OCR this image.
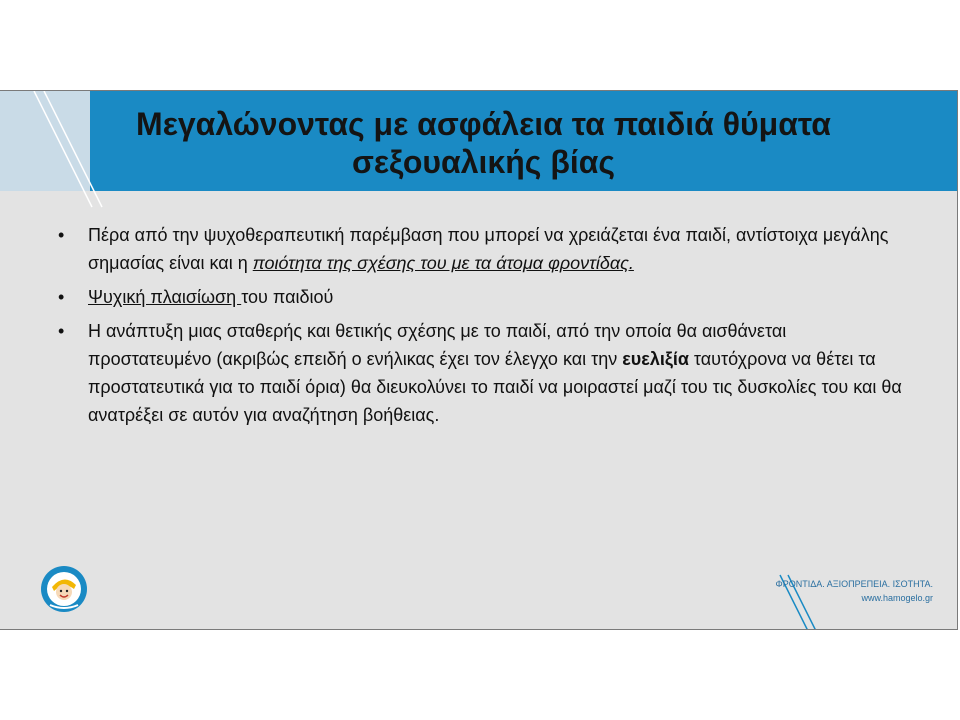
Μεγαλώνοντας με ασφάλεια τα παιδιά θύματα
σεξουαλικής βίας
•	Πέρα από την ψυχοθεραπευτική παρέμβαση που μπορεί να χρειάζεται ένα παιδί, αντίστοιχα μεγάλης σημασίας είναι και η ποιότητα της σχέσης του με τα άτομα φροντίδας.
•	Ψυχική πλαισίωση του παιδιού
•	Η ανάπτυξη μιας σταθερής και θετικής σχέσης με το παιδί, από την οποία θα αισθάνεται προστατευμένο (ακριβώς επειδή ο ενήλικας έχει τον έλεγχο και την ευελιξία ταυτόχρονα να θέτει τα προστατευτικά για το παιδί όρια) θα διευκολύνει το παιδί να μοιραστεί μαζί του τις δυσκολίες του και θα ανατρέξει σε αυτόν για αναζήτηση βοήθειας.
ΦΡΟΝΤΙΔΑ. ΑΞΙΟΠΡΕΠΕΙΑ. ΙΣΟΤΗΤΑ.
www.hamogelo.gr
